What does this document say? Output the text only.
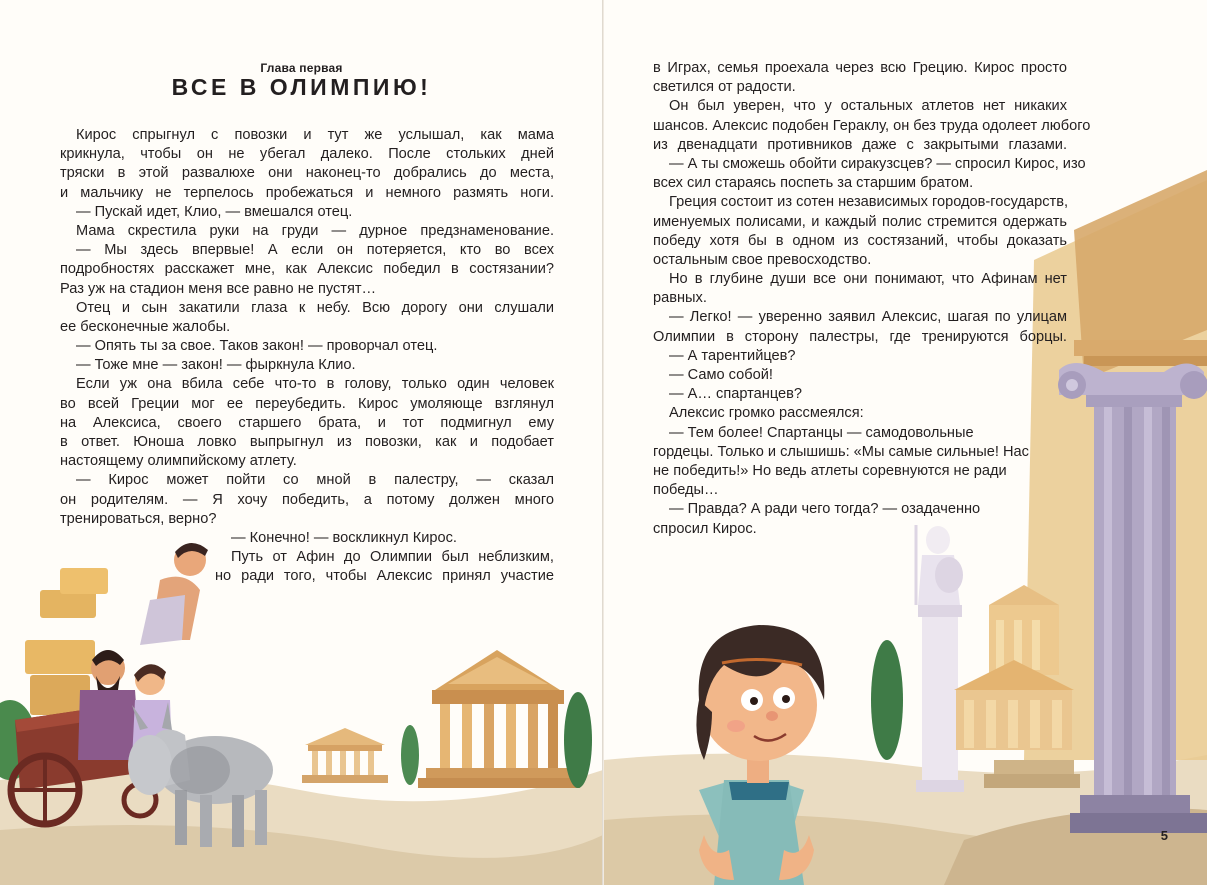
Глава первая
ВСЕ В ОЛИМПИЮ!
Кирос спрыгнул с повозки и тут же услышал, как мама
крикнула, чтобы он не убегал далеко. После стольких дней
тряски в этой развалюхе они наконец-то добрались до места,
и мальчику не терпелось пробежаться и немного размять ноги.
— Пускай идет, Клио, — вмешался отец.
Мама скрестила руки на груди — дурное предзнаменование.
— Мы здесь впервые! А если он потеряется, кто во всех
подробностях расскажет мне, как Алексис победил в состязании?
Раз уж на стадион меня все равно не пустят…
Отец и сын закатили глаза к небу. Всю дорогу они слушали
ее бесконечные жалобы.
— Опять ты за свое. Таков закон! — проворчал отец.
— Тоже мне — закон! — фыркнула Клио.
Если уж она вбила себе что-то в голову, только один человек
во всей Греции мог ее переубедить. Кирос умоляюще взглянул
на Алексиса, своего старшего брата, и тот подмигнул ему
в ответ. Юноша ловко выпрыгнул из повозки, как и подобает
настоящему олимпийскому атлету.
— Кирос может пойти со мной в палестру, — сказал
он родителям. — Я хочу победить, а потому должен много
тренироваться, верно?
— Конечно! — воскликнул Кирос.
Путь от Афин до Олимпии был неблизким,
но ради того, чтобы Алексис принял участие
в Играх, семья проехала через всю Грецию. Кирос просто
светился от радости.
Он был уверен, что у остальных атлетов нет никаких
шансов. Алексис подобен Гераклу, он без труда одолеет любого
из двенадцати противников даже с закрытыми глазами.
— А ты сможешь обойти сиракузсцев? — спросил Кирос, изо
всех сил стараясь поспеть за старшим братом.
Греция состоит из сотен независимых городов-государств,
именуемых полисами, и каждый полис стремится одержать
победу хотя бы в одном из состязаний, чтобы доказать
остальным свое превосходство.
Но в глубине души все они понимают, что Афинам нет
равных.
— Легко! — уверенно заявил Алексис, шагая по улицам
Олимпии в сторону палестры, где тренируются борцы.
— А тарентийцев?
— Само собой!
— А… спартанцев?
Алексис громко рассмеялся:
— Тем более! Спартанцы — самодовольные
гордецы. Только и слышишь: «Мы самые сильные! Нас
не победить!» Но ведь атлеты соревнуются не ради
победы…
— Правда? А ради чего тогда? — озадаченно
спросил Кирос.
5
